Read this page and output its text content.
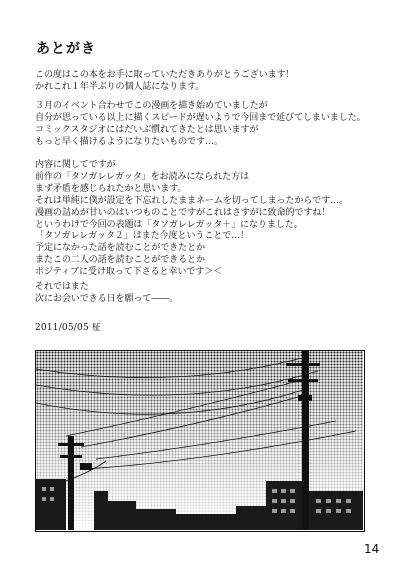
あとがき
この度はこの本をお手に取っていただきありがとうございます！
かれこれ１年半ぶりの個人誌になります。
３月のイベント合わせでこの漫画を描き始めていましたが
自分が思っている以上に描くスピードが遅いようで今回まで延びてしまいました。
コミックスタジオにはだいぶ慣れてきたとは思いますが
もっと早く描けるようになりたいものです…。
内容に関してですが
前作の「タソガレレガッタ」をお読みになられた方は
まず矛盾を感じられたかと思います。
それは単純に僕が設定を下忘れしたままネームを切ってしまったからです…。
漫画の詰めが甘いのはいつものことですがこれはさすがに致命的ですね！
というわけで今回の表題は「タソガレレガッタ＋」になりました。
「タソガレレガッタ２」はまた今度ということで…！
予定になかった話を読むことができたとか
またこの二人の話を読むことができるとか
ポジティブに受け取って下さると幸いです＞＜
それではまた
次にお会いできる日を願って――。
2011/05/05 柾
14
